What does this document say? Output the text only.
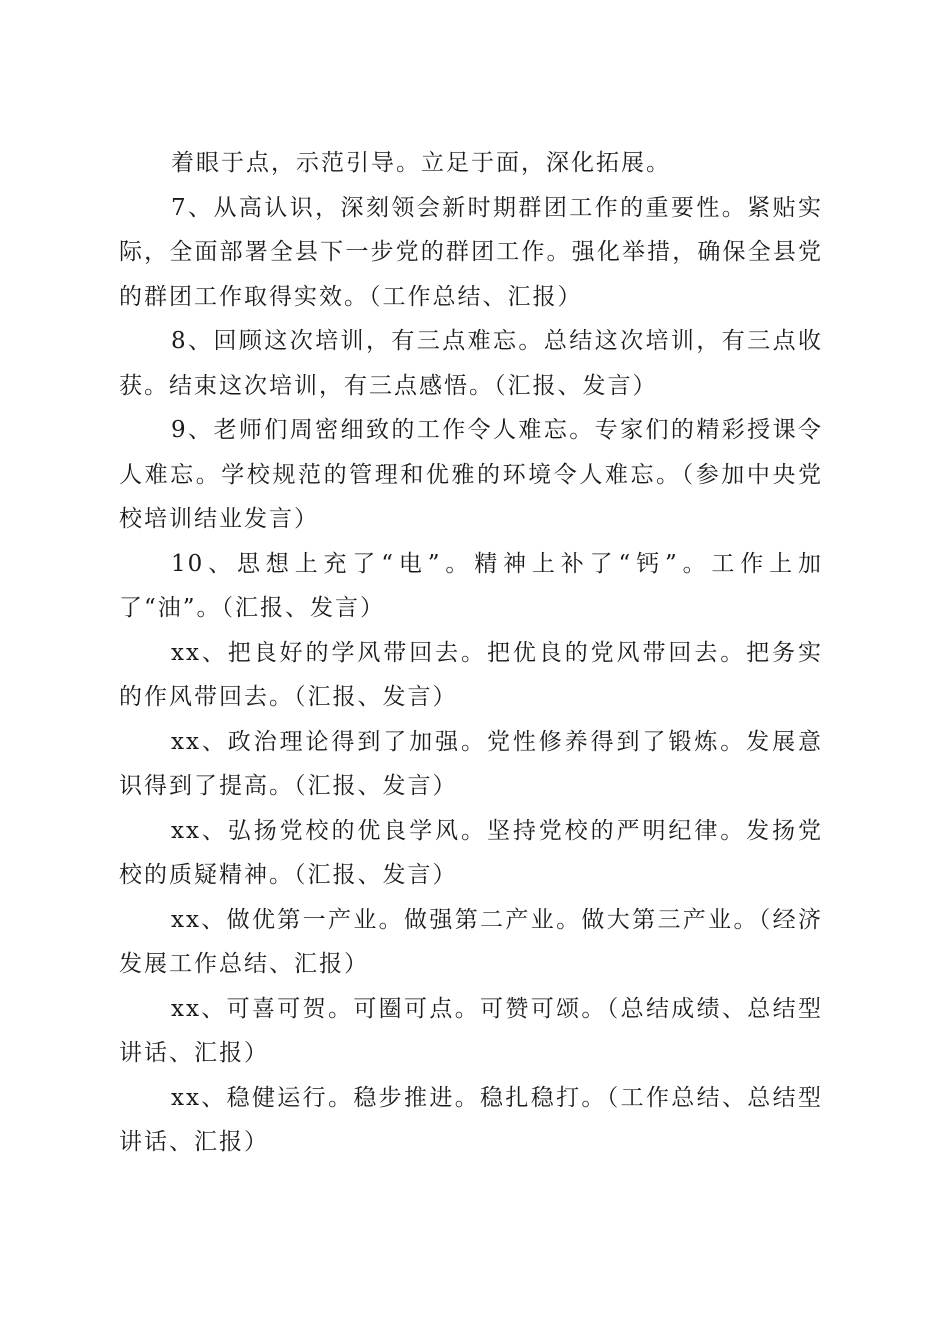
着眼于点，示范引导。立足于面，深化拓展。

7、从高认识，深刻领会新时期群团工作的重要性。紧贴实际，全面部署全县下一步党的群团工作。强化举措，确保全县党的群团工作取得实效。（工作总结、汇报）

8、回顾这次培训，有三点难忘。总结这次培训，有三点收获。结束这次培训，有三点感悟。（汇报、发言）

9、老师们周密细致的工作令人难忘。专家们的精彩授课令人难忘。学校规范的管理和优雅的环境令人难忘。（参加中央党校培训结业发言）

10、思想上充了“电”。精神上补了“钙”。工作上加了“油”。（汇报、发言）

xx、把良好的学风带回去。把优良的党风带回去。把务实的作风带回去。（汇报、发言）

xx、政治理论得到了加强。党性修养得到了锻炼。发展意识得到了提高。（汇报、发言）

xx、弘扬党校的优良学风。坚持党校的严明纪律。发扬党校的质疑精神。（汇报、发言）

xx、做优第一产业。做强第二产业。做大第三产业。（经济发展工作总结、汇报）

xx、可喜可贺。可圈可点。可赞可颂。（总结成绩、总结型讲话、汇报）

xx、稳健运行。稳步推进。稳扎稳打。（工作总结、总结型讲话、汇报）
